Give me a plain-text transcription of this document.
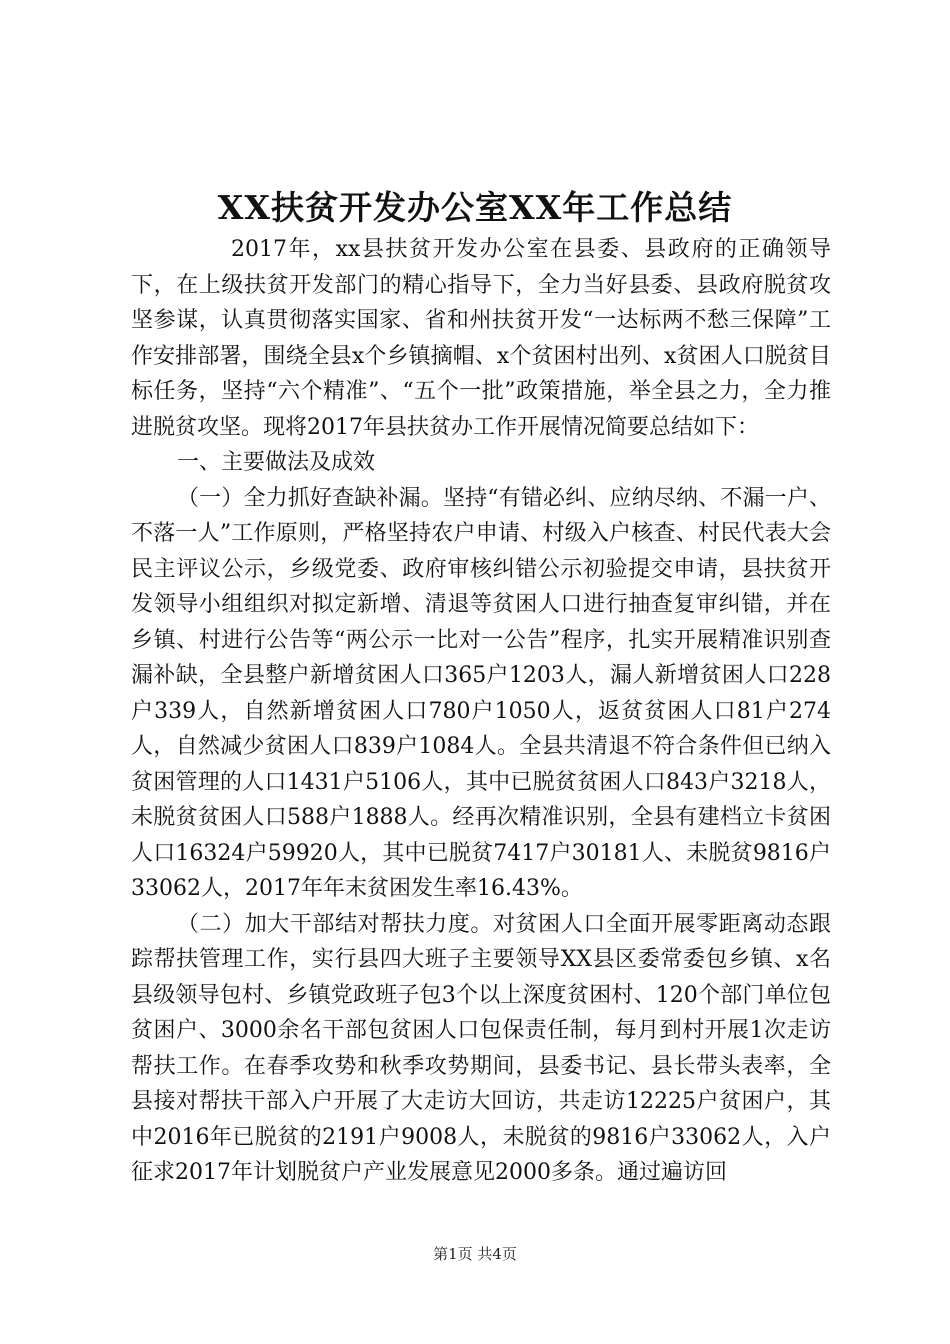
XX扶贫开发办公室XX年工作总结

2017年，xx县扶贫开发办公室在县委、县政府的正确领导下，在上级扶贫开发部门的精心指导下，全力当好县委、县政府脱贫攻坚参谋，认真贯彻落实国家、省和州扶贫开发“一达标两不愁三保障”工作安排部署，围绕全县x个乡镇摘帽、x个贫困村出列、x贫困人口脱贫目标任务，坚持“六个精准”、“五个一批”政策措施，举全县之力，全力推进脱贫攻坚。现将2017年县扶贫办工作开展情况简要总结如下：

一、主要做法及成效

（一）全力抓好查缺补漏。坚持“有错必纠、应纳尽纳、不漏一户、不落一人”工作原则，严格坚持农户申请、村级入户核查、村民代表大会民主评议公示，乡级党委、政府审核纠错公示初验提交申请，县扶贫开发领导小组组织对拟定新增、清退等贫困人口进行抽查复审纠错，并在乡镇、村进行公告等“两公示一比对一公告”程序，扎实开展精准识别查漏补缺，全县整户新增贫困人口365户1203人，漏人新增贫困人口228户339人，自然新增贫困人口780户1050人，返贫贫困人口81户274人，自然减少贫困人口839户1084人。全县共清退不符合条件但已纳入贫困管理的人口1431户5106人，其中已脱贫贫困人口843户3218人，未脱贫贫困人口588户1888人。经再次精准识别，全县有建档立卡贫困人口16324户59920人，其中已脱贫7417户30181人、未脱贫9816户33062人，2017年年末贫困发生率16.43%。

（二）加大干部结对帮扶力度。对贫困人口全面开展零距离动态跟踪帮扶管理工作，实行县四大班子主要领导XX县区委常委包乡镇、x名县级领导包村、乡镇党政班子包3个以上深度贫困村、120个部门单位包贫困户、3000余名干部包贫困人口包保责任制，每月到村开展1次走访帮扶工作。在春季攻势和秋季攻势期间，县委书记、县长带头表率，全县接对帮扶干部入户开展了大走访大回访，共走访12225户贫困户，其中2016年已脱贫的2191户9008人，未脱贫的9816户33062人，入户征求2017年计划脱贫户产业发展意见2000多条。通过遍访回

第1页 共4页
